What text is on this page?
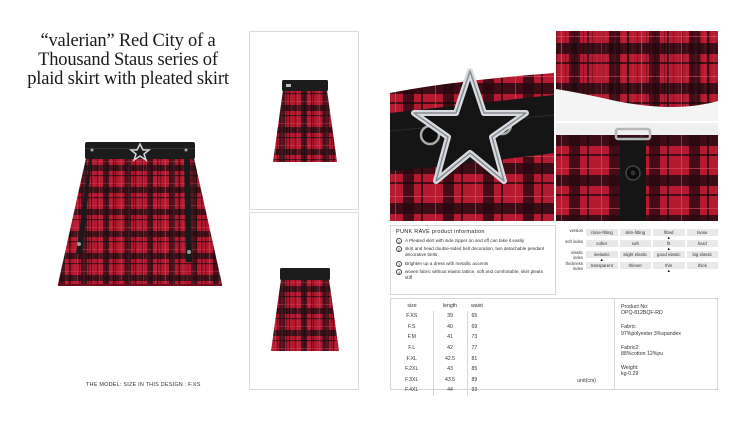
“valerian” Red City of a Thousand Staus series of plaid skirt with pleated skirt
THE MODEL: SIZE IN THIS DESIGN : F.XS
PUNK RAVE product information
1	A Pleated skirt with side zipper on and off can take it easily
2	skirt and head double-sided belt decoration, two detachable pendant decorative belts
3	Brighten up a dress with metallic accents
4	woven fabric without elastic lattice, soft and comfortable, skirt pleats stiff
version	close-fitting	slim-fitting	fitted ▲	loose
soft index	softer	soft	fit ▲	hard
elastic index	inelastic ▲	slight elastic	good elastic	big elastic
thickness index	transparent	thinner	thin ▲	thick
size	length	waist
F.XS	39	65
F.S	40	69
F.M	41	73
F.L	42	77
F.XL	42.5	81
F.2XL	43	85
F.3XL	43.5	89
F.4XL	44	93
unit(cm)
Product No:
OPQ-812BQF-RD
Fabric:
97%polyester 3%spandex
Fabric2:
88%cotton 12%pu
Weight:
kg-0.29
